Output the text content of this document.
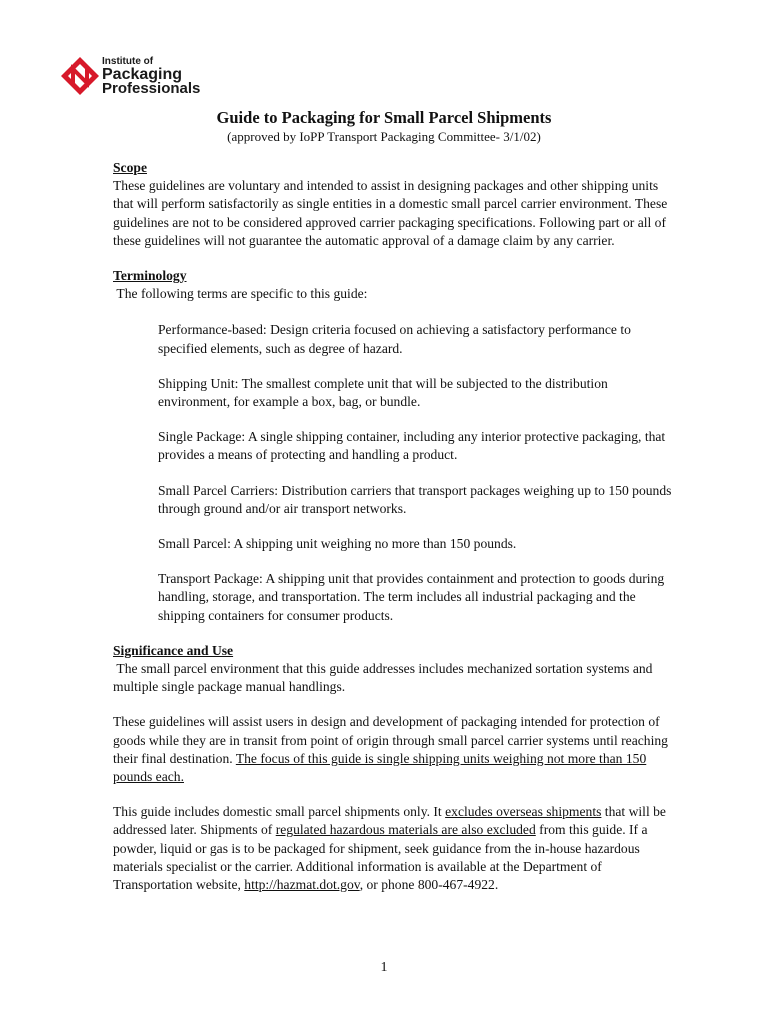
Institute of
Packaging
Professionals
Guide to Packaging for Small Parcel Shipments
(approved by IoPP Transport Packaging Committee- 3/1/02)
Scope
These guidelines are voluntary and intended to assist in designing packages and other shipping units that will perform satisfactorily as single entities in a domestic small parcel carrier environment. These guidelines are not to be considered approved carrier packaging specifications. Following part or all of these guidelines will not guarantee the automatic approval of a damage claim by any carrier.
Terminology
The following terms are specific to this guide:
Performance-based: Design criteria focused on achieving a satisfactory performance to specified elements, such as degree of hazard.
Shipping Unit: The smallest complete unit that will be subjected to the distribution environment, for example a box, bag, or bundle.
Single Package: A single shipping container, including any interior protective packaging, that provides a means of protecting and handling a product.
Small Parcel Carriers: Distribution carriers that transport packages weighing up to 150 pounds through ground and/or air transport networks.
Small Parcel: A shipping unit weighing no more than 150 pounds.
Transport Package: A shipping unit that provides containment and protection to goods during handling, storage, and transportation. The term includes all industrial packaging and the shipping containers for consumer products.
Significance and Use
The small parcel environment that this guide addresses includes mechanized sortation systems and multiple single package manual handlings.
These guidelines will assist users in design and development of packaging intended for protection of goods while they are in transit from point of origin through small parcel carrier systems until reaching their final destination. The focus of this guide is single shipping units weighing not more than 150 pounds each.
This guide includes domestic small parcel shipments only. It excludes overseas shipments that will be addressed later. Shipments of regulated hazardous materials are also excluded from this guide. If a powder, liquid or gas is to be packaged for shipment, seek guidance from the in-house hazardous materials specialist or the carrier. Additional information is available at the Department of Transportation website, http://hazmat.dot.gov, or phone 800-467-4922.
1
